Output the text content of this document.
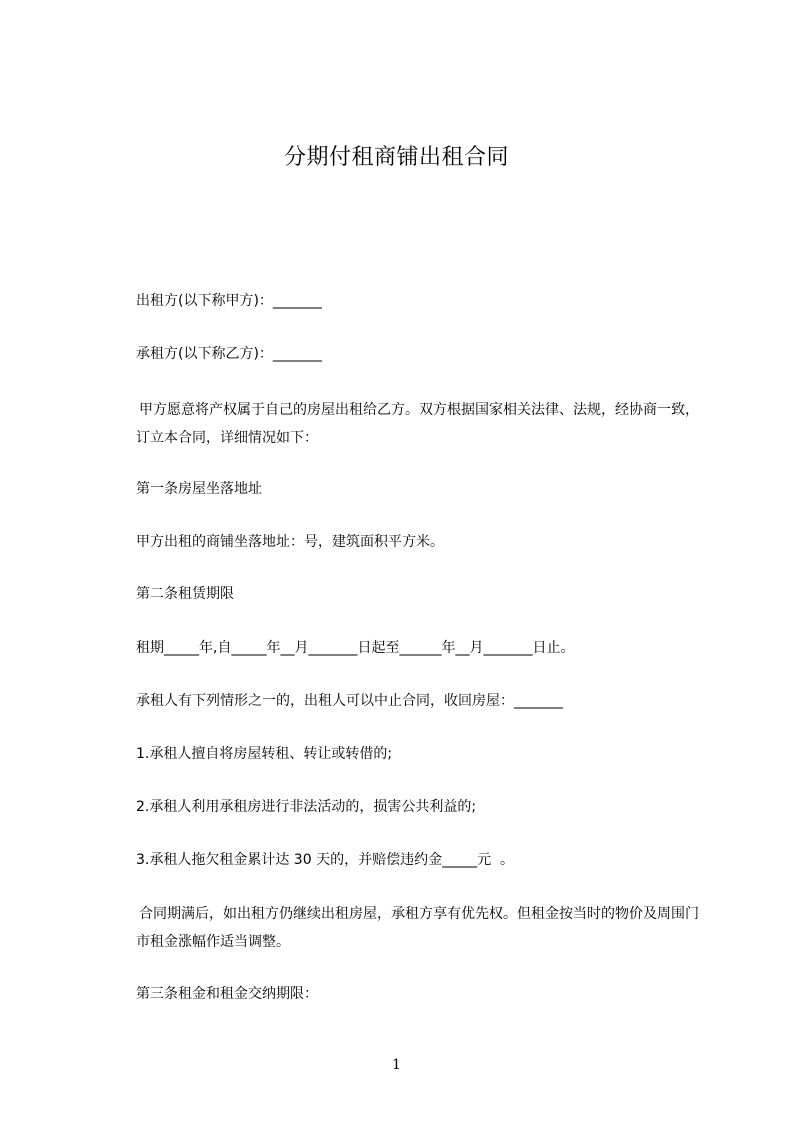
分期付租商铺出租合同
出租方(以下称甲方)：_______
承租方(以下称乙方)：_______
甲方愿意将产权属于自己的房屋出租给乙方。双方根据国家相关法律、法规，经协商一致，订立本合同，详细情况如下：
第一条房屋坐落地址
甲方出租的商铺坐落地址：号，建筑面积平方米。
第二条租赁期限
租期_____年,自_____年__月_______日起至______年__月_______日止。
承租人有下列情形之一的，出租人可以中止合同，收回房屋：_______
1.承租人擅自将房屋转租、转让或转借的;
2.承租人利用承租房进行非法活动的，损害公共利益的;
3.承租人拖欠租金累计达 30 天的，并赔偿违约金_____元  。
合同期满后，如出租方仍继续出租房屋，承租方享有优先权。但租金按当时的物价及周围门市租金涨幅作适当调整。
第三条租金和租金交纳期限：
1
